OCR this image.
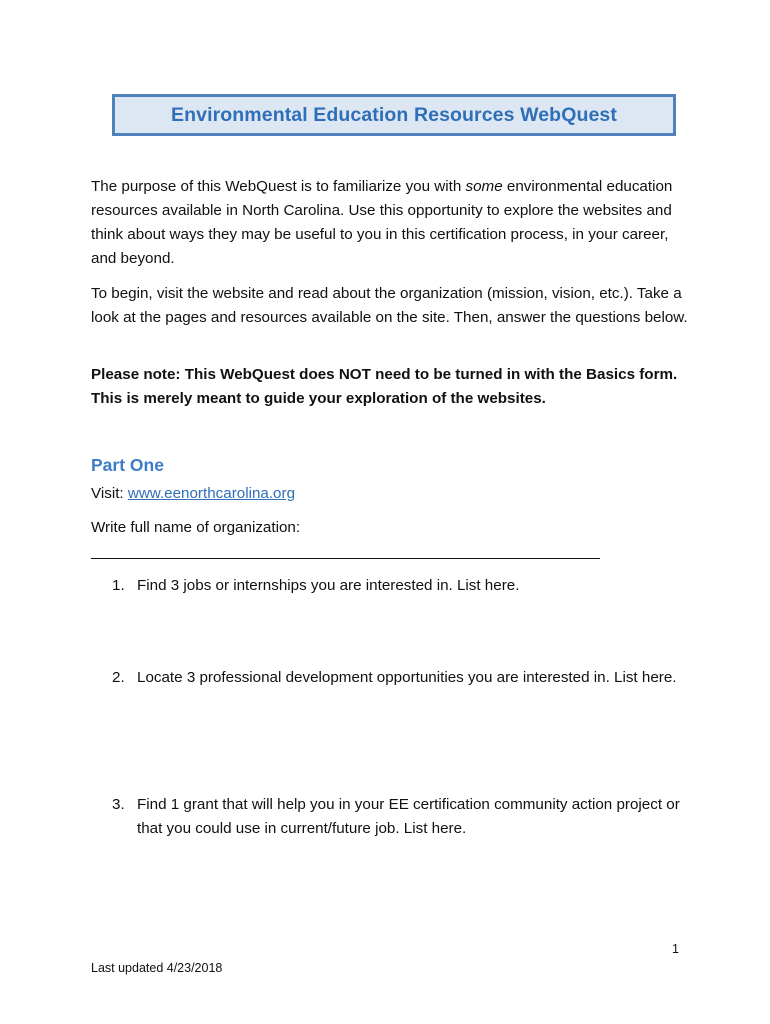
Environmental Education Resources WebQuest

The purpose of this WebQuest is to familiarize you with some environmental education resources available in North Carolina. Use this opportunity to explore the websites and think about ways they may be useful to you in this certification process, in your career, and beyond.

To begin, visit the website and read about the organization (mission, vision, etc.). Take a look at the pages and resources available on the site. Then, answer the questions below.

Please note: This WebQuest does NOT need to be turned in with the Basics form. This is merely meant to guide your exploration of the websites.

Part One
Visit: www.eenorthcarolina.org
Write full name of organization:
1. Find 3 jobs or internships you are interested in. List here.
2. Locate 3 professional development opportunities you are interested in. List here.
3. Find 1 grant that will help you in your EE certification community action project or that you could use in current/future job. List here.
1
Last updated 4/23/2018
